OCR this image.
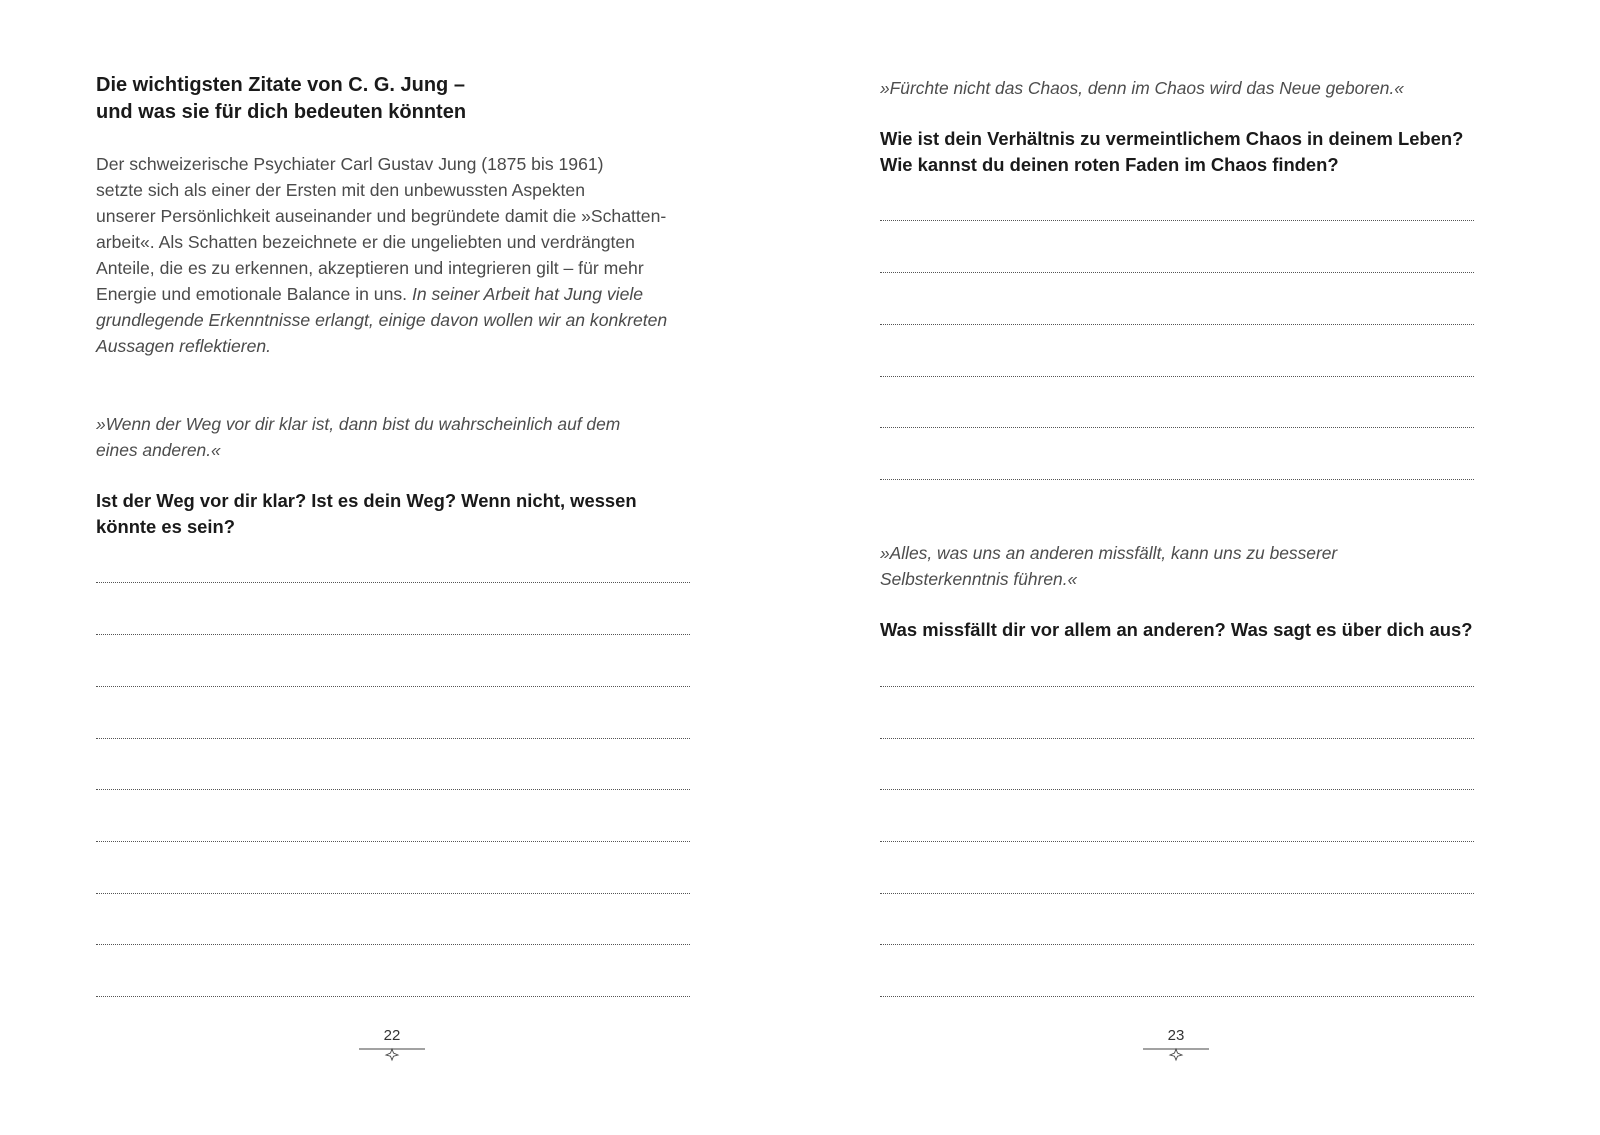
Die wichtigsten Zitate von C. G. Jung –
und was sie für dich bedeuten könnten

Der schweizerische Psychiater Carl Gustav Jung (1875 bis 1961)
setzte sich als einer der Ersten mit den unbewussten Aspekten
unserer Persönlichkeit auseinander und begründete damit die »Schatten-
arbeit«. Als Schatten bezeichnete er die ungeliebten und verdrängten
Anteile, die es zu erkennen, akzeptieren und integrieren gilt – für mehr
Energie und emotionale Balance in uns. In seiner Arbeit hat Jung viele
grundlegende Erkenntnisse erlangt, einige davon wollen wir an konkreten
Aussagen reflektieren.

»Wenn der Weg vor dir klar ist, dann bist du wahrscheinlich auf dem
eines anderen.«

Ist der Weg vor dir klar? Ist es dein Weg? Wenn nicht, wessen
könnte es sein?

22

»Fürchte nicht das Chaos, denn im Chaos wird das Neue geboren.«

Wie ist dein Verhältnis zu vermeintlichem Chaos in deinem Leben?
Wie kannst du deinen roten Faden im Chaos finden?

»Alles, was uns an anderen missfällt, kann uns zu besserer
Selbsterkenntnis führen.«

Was missfällt dir vor allem an anderen? Was sagt es über dich aus?

23
